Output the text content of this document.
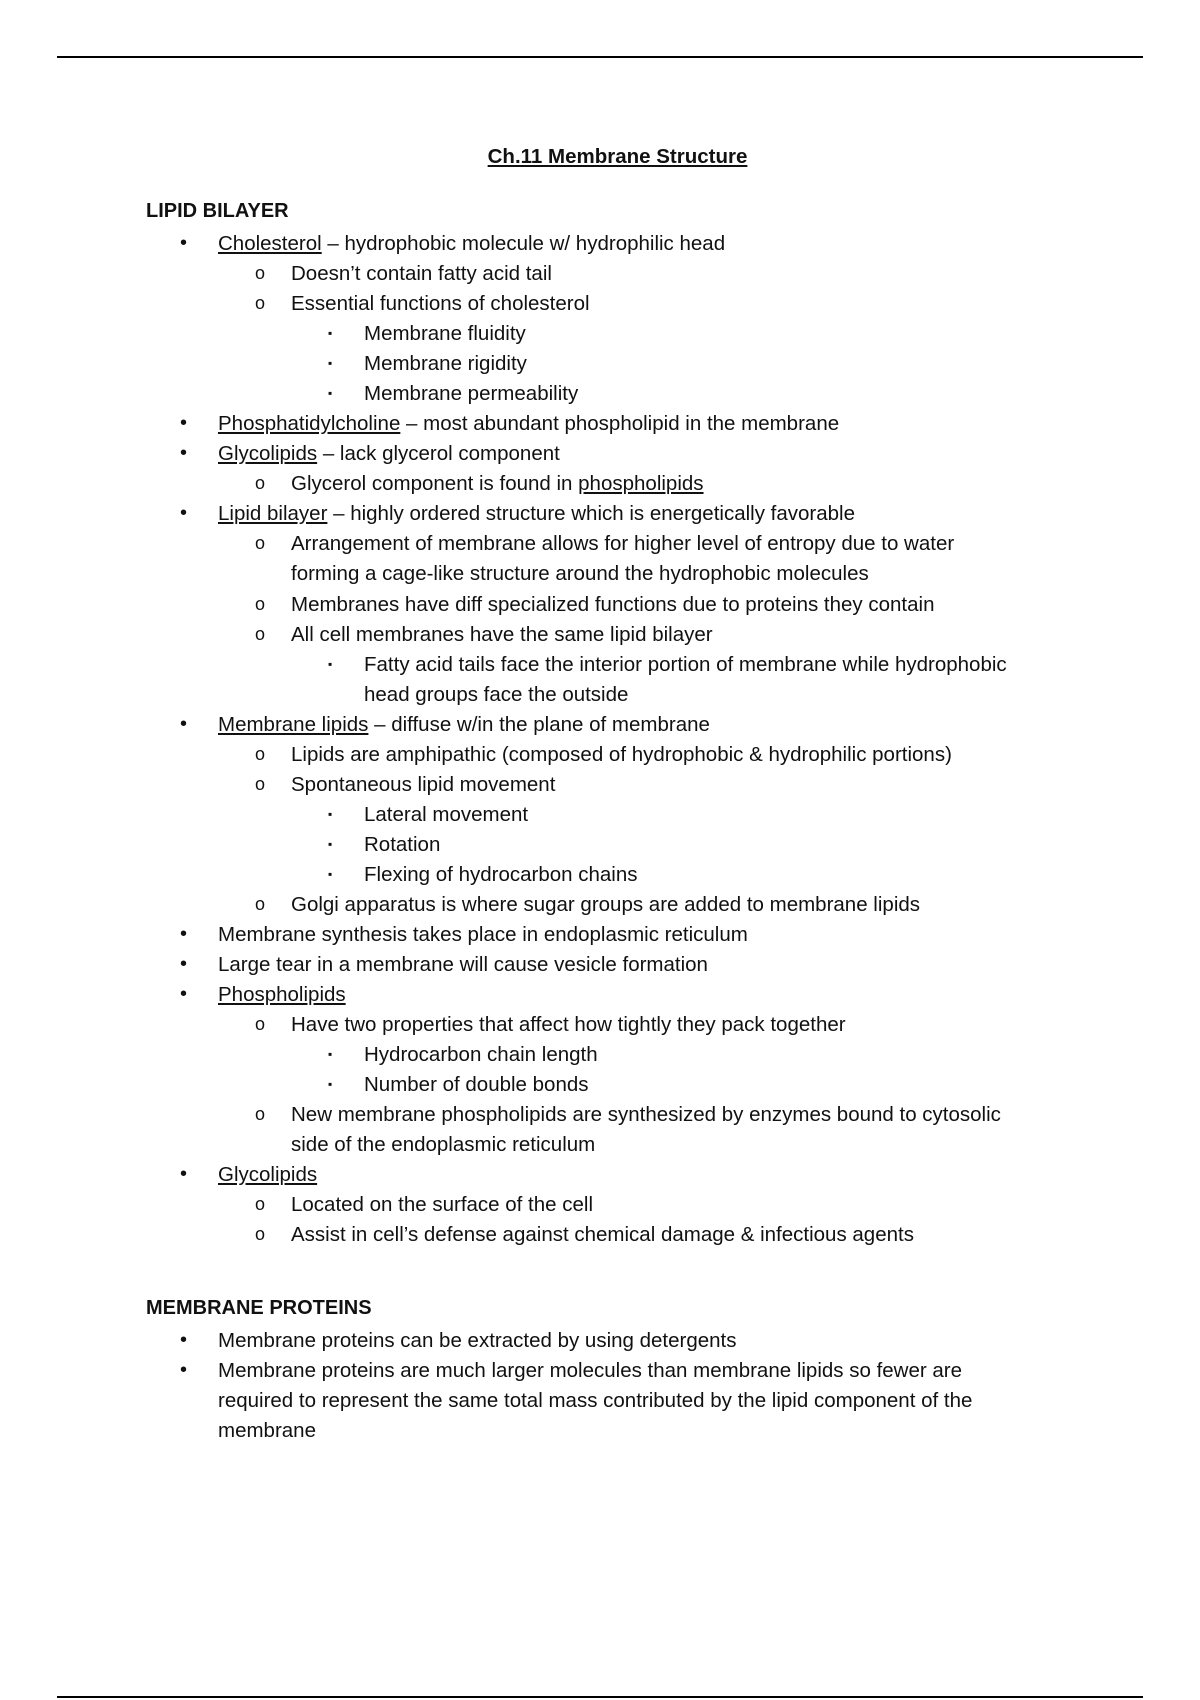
Ch.11 Membrane Structure
LIPID BILAYER
• Cholesterol – hydrophobic molecule w/ hydrophilic head
o Doesn’t contain fatty acid tail
o Essential functions of cholesterol
▪ Membrane fluidity
▪ Membrane rigidity
▪ Membrane permeability
• Phosphatidylcholine – most abundant phospholipid in the membrane
• Glycolipids – lack glycerol component
o Glycerol component is found in phospholipids
• Lipid bilayer – highly ordered structure which is energetically favorable
o Arrangement of membrane allows for higher level of entropy due to water
forming a cage-like structure around the hydrophobic molecules
o Membranes have diff specialized functions due to proteins they contain
o All cell membranes have the same lipid bilayer
▪ Fatty acid tails face the interior portion of membrane while hydrophobic
head groups face the outside
• Membrane lipids – diffuse w/in the plane of membrane
o Lipids are amphipathic (composed of hydrophobic & hydrophilic portions)
o Spontaneous lipid movement
▪ Lateral movement
▪ Rotation
▪ Flexing of hydrocarbon chains
o Golgi apparatus is where sugar groups are added to membrane lipids
• Membrane synthesis takes place in endoplasmic reticulum
• Large tear in a membrane will cause vesicle formation
• Phospholipids
o Have two properties that affect how tightly they pack together
▪ Hydrocarbon chain length
▪ Number of double bonds
o New membrane phospholipids are synthesized by enzymes bound to cytosolic
side of the endoplasmic reticulum
• Glycolipids
o Located on the surface of the cell
o Assist in cell’s defense against chemical damage & infectious agents
MEMBRANE PROTEINS
• Membrane proteins can be extracted by using detergents
• Membrane proteins are much larger molecules than membrane lipids so fewer are
required to represent the same total mass contributed by the lipid component of the
membrane
